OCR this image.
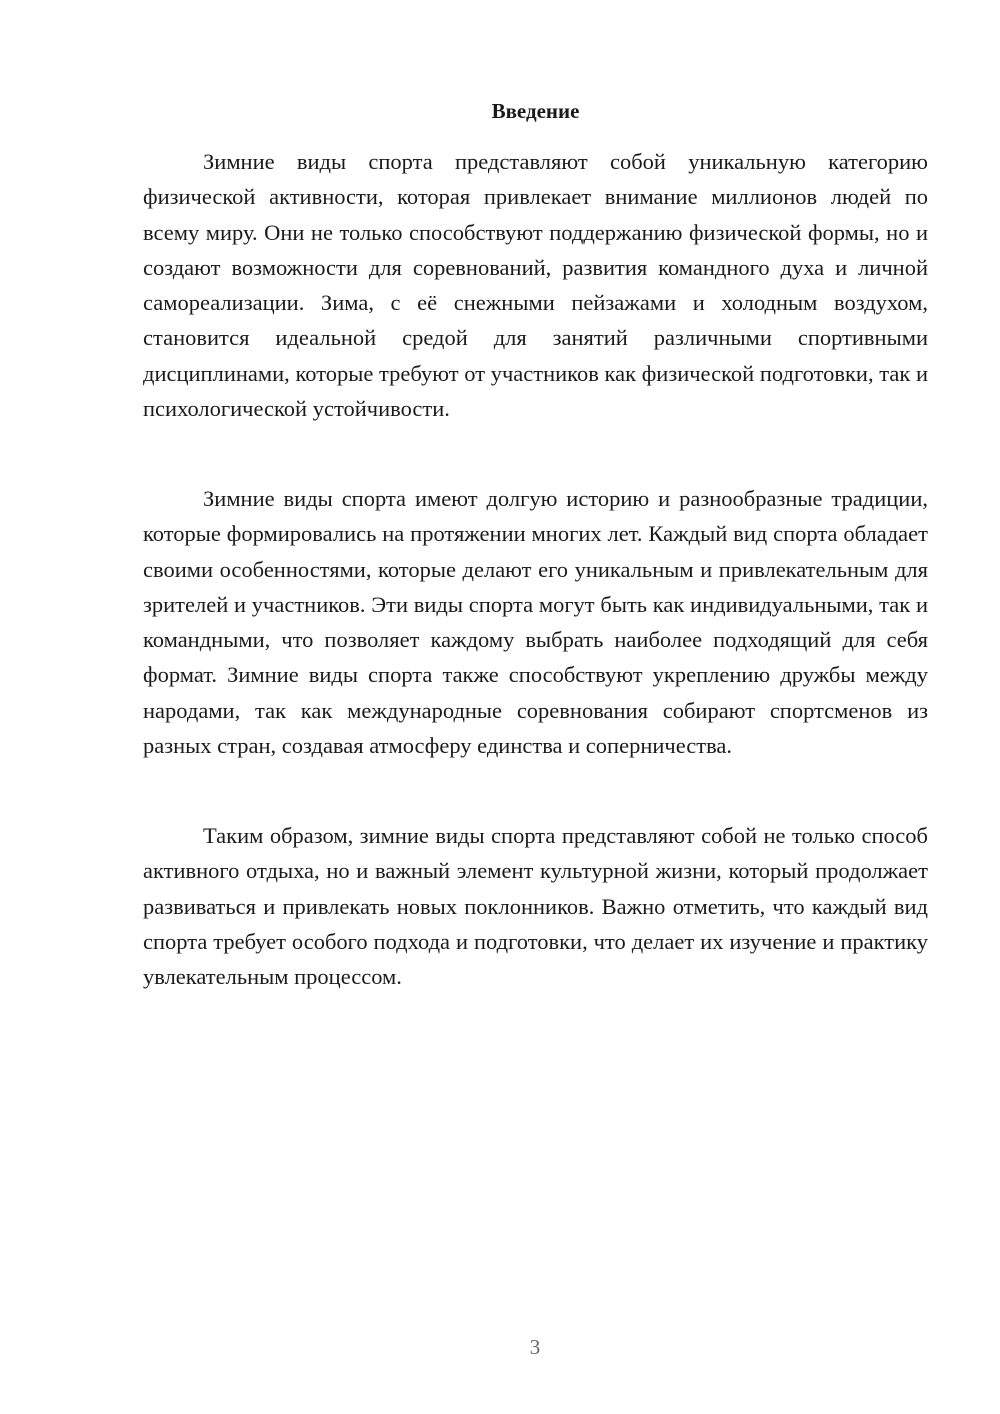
Введение

Зимние виды спорта представляют собой уникальную категорию физической активности, которая привлекает внимание миллионов людей по всему миру. Они не только способствуют поддержанию физической формы, но и создают возможности для соревнований, развития командного духа и личной самореализации. Зима, с её снежными пейзажами и холодным воздухом, становится идеальной средой для занятий различными спортивными дисциплинами, которые требуют от участников как физической подготовки, так и психологической устойчивости.

Зимние виды спорта имеют долгую историю и разнообразные традиции, которые формировались на протяжении многих лет. Каждый вид спорта обладает своими особенностями, которые делают его уникальным и привлекательным для зрителей и участников. Эти виды спорта могут быть как индивидуальными, так и командными, что позволяет каждому выбрать наиболее подходящий для себя формат. Зимние виды спорта также способствуют укреплению дружбы между народами, так как международные соревнования собирают спортсменов из разных стран, создавая атмосферу единства и соперничества.

Таким образом, зимние виды спорта представляют собой не только способ активного отдыха, но и важный элемент культурной жизни, который продолжает развиваться и привлекать новых поклонников. Важно отметить, что каждый вид спорта требует особого подхода и подготовки, что делает их изучение и практику увлекательным процессом.

3
